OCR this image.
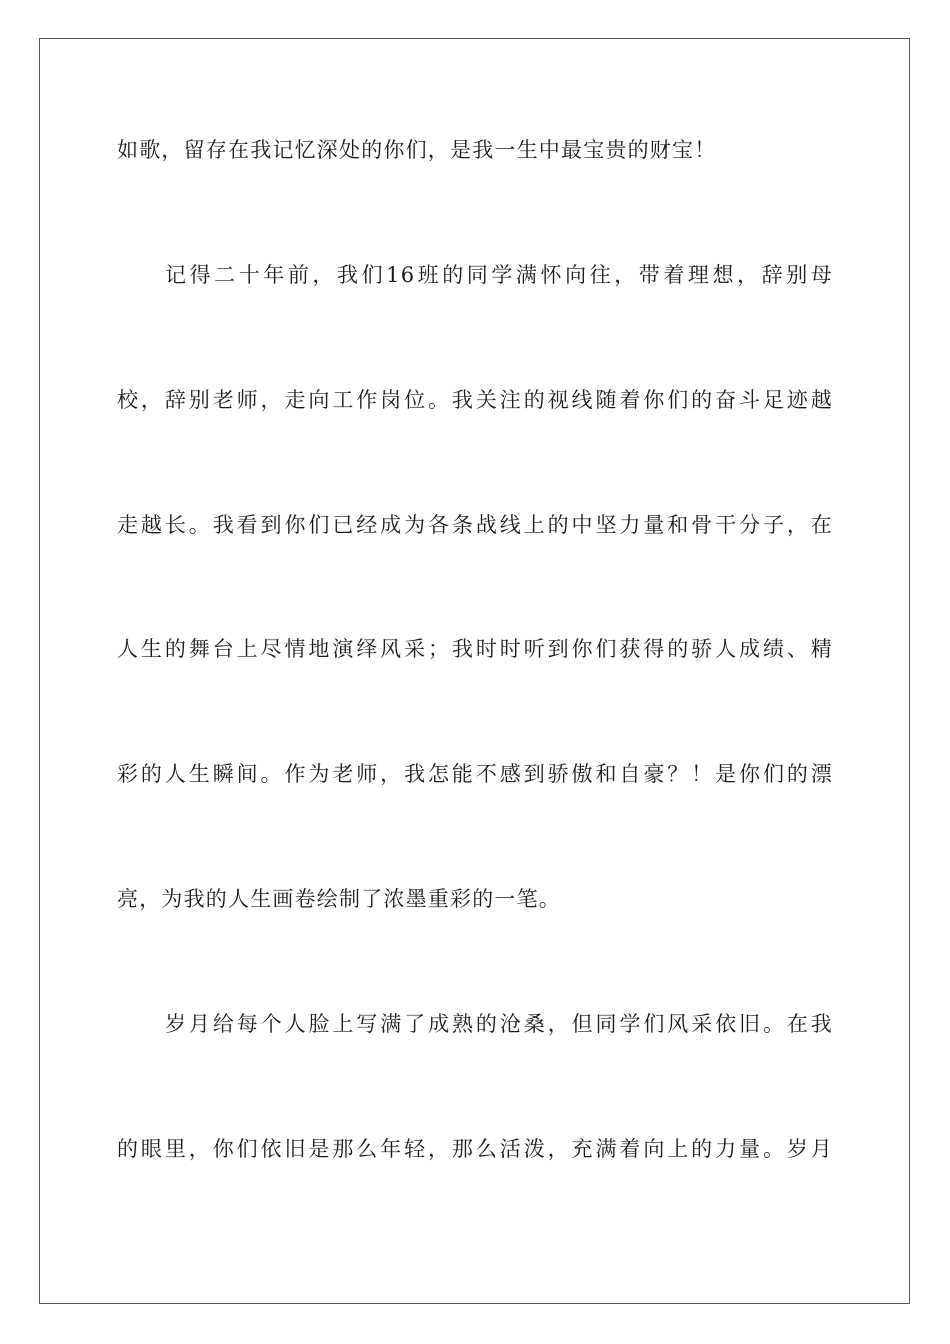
如歌，留存在我记忆深处的你们，是我一生中最宝贵的财宝！
记得二十年前，我们16班的同学满怀向往，带着理想，辞别母
校，辞别老师，走向工作岗位。我关注的视线随着你们的奋斗足迹越
走越长。我看到你们已经成为各条战线上的中坚力量和骨干分子，在
人生的舞台上尽情地演绎风采；我时时听到你们获得的骄人成绩、精
彩的人生瞬间。作为老师，我怎能不感到骄傲和自豪？！是你们的漂
亮，为我的人生画卷绘制了浓墨重彩的一笔。
岁月给每个人脸上写满了成熟的沧桑，但同学们风采依旧。在我
的眼里，你们依旧是那么年轻，那么活泼，充满着向上的力量。岁月
